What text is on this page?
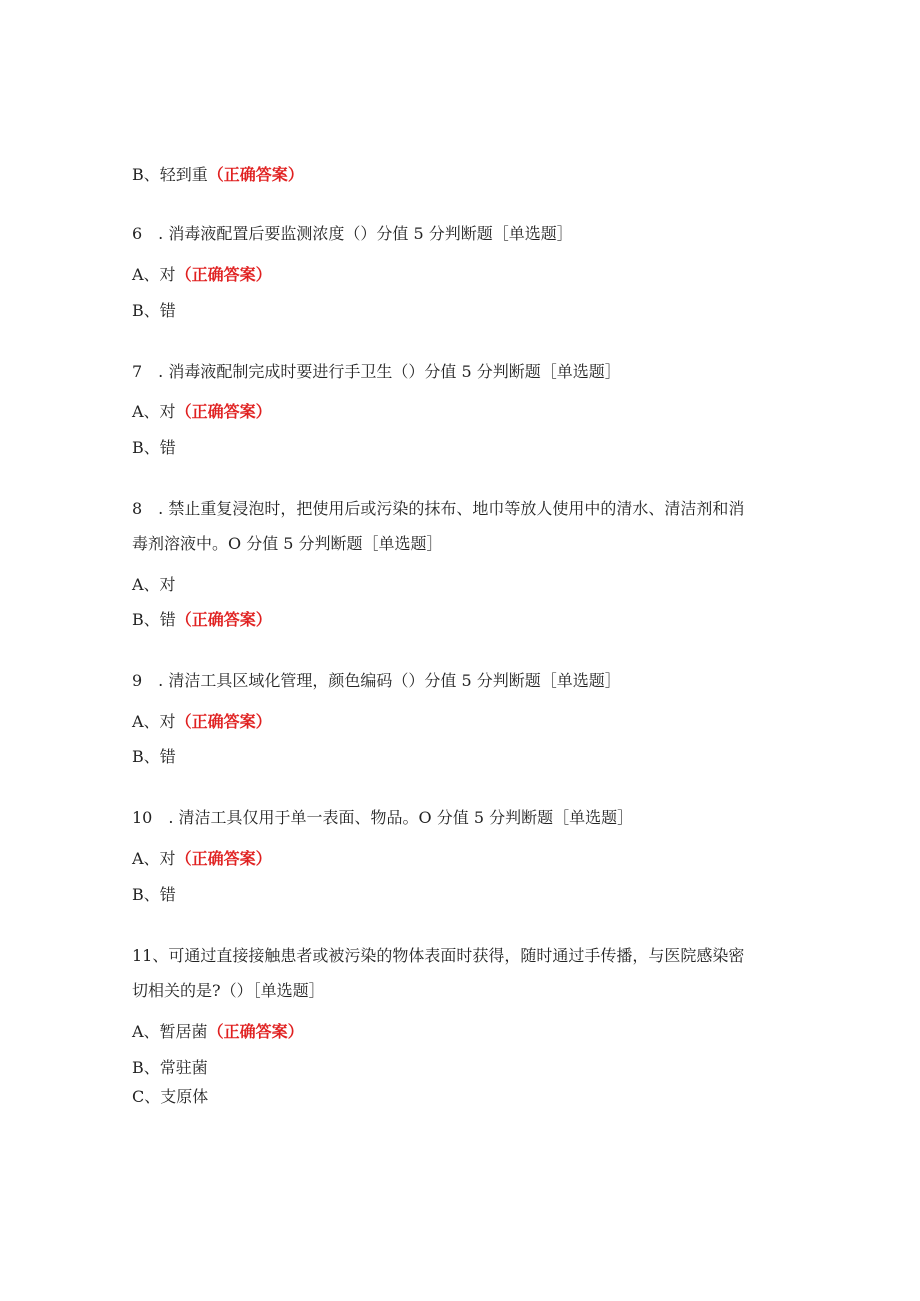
B、轻到重（正确答案）
6　. 消毒液配置后要监测浓度（）分值 5 分判断题［单选题］
A、对（正确答案）
B、错
7　. 消毒液配制完成时要进行手卫生（）分值 5 分判断题［单选题］
A、对（正确答案）
B、错
8　. 禁止重复浸泡时，把使用后或污染的抹布、地巾等放人使用中的清水、清洁剂和消
毒剂溶液中。O 分值 5 分判断题［单选题］
A、对
B、错（正确答案）
9　. 清洁工具区域化管理，颜色编码（）分值 5 分判断题［单选题］
A、对（正确答案）
B、错
10　. 清洁工具仅用于单一表面、物品。O 分值 5 分判断题［单选题］
A、对（正确答案）
B、错
11、可通过直接接触患者或被污染的物体表面时获得，随时通过手传播，与医院感染密
切相关的是?（）［单选题］
A、暂居菌（正确答案）
B、常驻菌
C、支原体
